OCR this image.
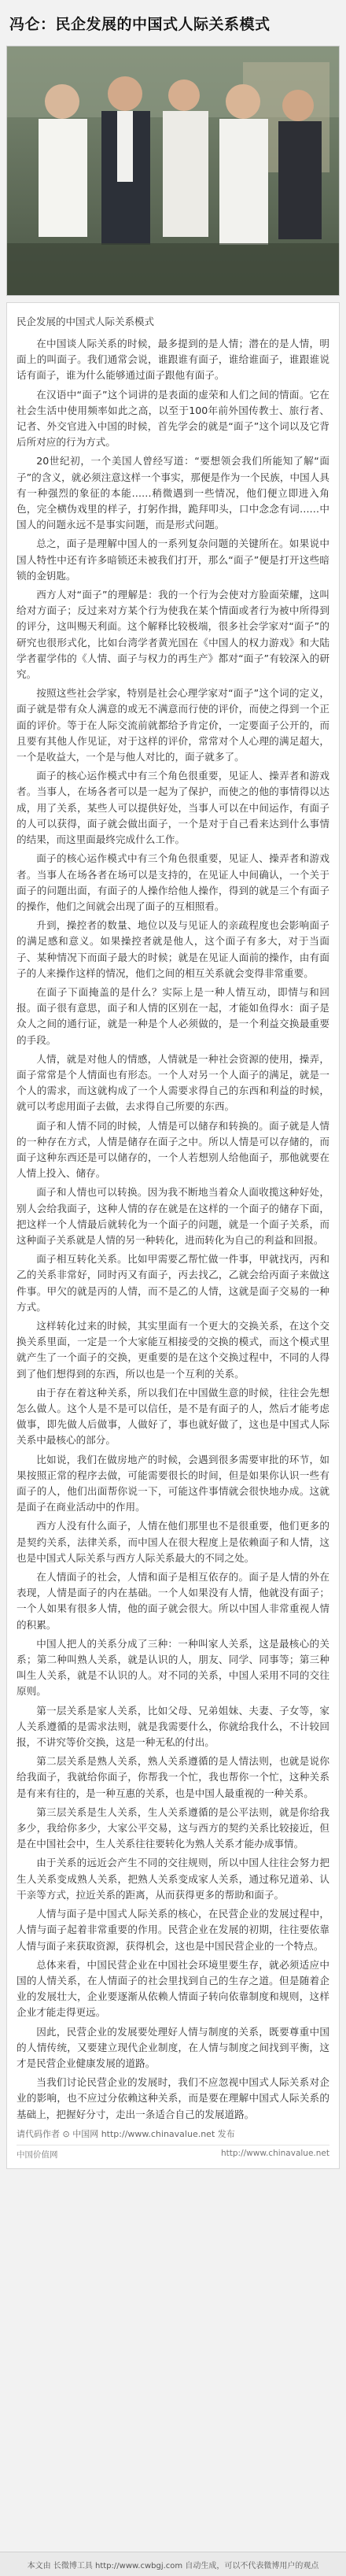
冯仑：民企发展的中国式人际关系模式
民企发展的中国式人际关系模式

在中国谈人际关系的时候，最多提到的是人情；潜在的是人情，明面上的叫面子。我们通常会说，谁跟谁有面子，谁给谁面子，谁跟谁说话有面子，谁为什么能够通过面子跟他有面子。

在汉语中“面子”这个词讲的是表面的虚荣和人们之间的情面。它在社会生活中使用频率如此之高，以至于100年前外国传教士、旅行者、记者、外交官进入中国的时候，首先学会的就是“面子”这个词以及它背后所对应的行为方式。

20世纪初，一个美国人曾经写道：“要想领会我们所能知了解“面子”的含义，就必须注意这样一个事实，那便是作为一个民族，中国人具有一种强烈的象征的本能……稍微遇到一些情况，他们便立即进入角色，完全横伪戏里的样子，打躬作揖，跪拜叩头，口中念念有词……中国人的问题永远不是事实问题，而是形式问题。

总之，面子是理解中国人的一系列复杂问题的关键所在。如果说中国人特性中还有许多暗锁还未被我们打开，那么“面子”便是打开这些暗锁的金钥匙。

西方人对“面子”的理解是：我的一个行为会使对方脸面荣耀，这叫给对方面子；反过来对方某个行为使我在某个情面或者行为被中所得到的评分，这叫赐天利面。这个解释比较极端，很多社会学家对“面子”的研究也很形式化，比如台湾学者黄光国在《中国人的权力游戏》和大陆学者翟学伟的《人情、面子与权力的再生产》都对“面子”有较深入的研究。

按照这些社会学家，特别是社会心理学家对“面子”这个词的定义，面子就是带有众人满意的或无不满意而行使的评价，而使之得到一个正面的评价。等于在人际交流前就都给予肯定价，一定要面子公开的，而且要有其他人作见证，对于这样的评价，常常对个人心理的满足超大，一个是收益大，一个是与他人对比的，面子就多了。

面子的核心运作模式中有三个角色很重要，见证人、操弄者和游戏者。当事人，在场各者可以是一起为了保护，而使之的他的事情得以达成，用了关系，某些人可以提供好处，当事人可以在中间运作，有面子的人可以获得，面子就会做出面子，一个是对于自己看来达到什么事情的结果，而这里面最终完成什么工作。

面子的核心运作模式中有三个角色很重要，见证人、操弄者和游戏者。当事人在场各者在场可以是支持的，在见证人中间确认，一个关于面子的问题出面，有面子的人操作给他人操作，得到的就是三个有面子的操作，他们之间就会出现了面子的互相照看。

升到，操控者的数量、地位以及与见证人的亲疏程度也会影响面子的满足感和意义。如果操控者就是他人，这个面子有多大，对于当面子、某种情况下而面子最大的时候；就是在见证人面前的操作，由有面子的人来操作这样的情况，他们之间的相互关系就会变得非常重要。

在面子下面掩盖的是什么？实际上是一种人情互动，即情与和回报。面子很有意思，面子和人情的区别在一起，才能如鱼得水：面子是众人之间的通行证，就是一种是个人必须做的，是一个利益交换最重要的手段。

人情，就是对他人的情感，人情就是一种社会资源的使用，操弄，面子常常是个人情面也有形态。一个人对另一个人面子的满足，就是一个人的需求，而这就构成了一个人需要求得自己的东西和利益的时候，就可以考虑用面子去做，去求得自己所要的东西。

面子和人情不同的时候，人情是可以储存和转换的。面子就是人情的一种存在方式，人情是储存在面子之中。所以人情是可以存储的，而面子这种东西还是可以储存的，一个人若想别人给他面子，那他就要在人情上投入、储存。

面子和人情也可以转换。因为我不断地当着众人面收揽这种好处，别人会给我面子，这种人情的存在就是在这样的一个面子的储存下面，把这样一个人情最后就转化为一个面子的问题，就是一个面子关系，而这种面子关系就是人情的另一种转化，进而转化为自己的利益和回报。

面子相互转化关系。比如甲需要乙帮忙做一件事，甲就找丙，丙和乙的关系非常好，同时丙又有面子，丙去找乙，乙就会给丙面子来做这件事。甲欠的就是丙的人情，而不是乙的人情，这就是面子交易的一种方式。

这样转化过来的时候，其实里面有一个更大的交换关系，在这个交换关系里面，一定是一个大家能互相接受的交换的模式，而这个模式里就产生了一个面子的交换，更重要的是在这个交换过程中，不同的人得到了他们想得到的东西，所以也是一个互利的关系。

由于存在着这种关系，所以我们在中国做生意的时候，往往会先想怎么做人。这个人是不是可以信任，是不是有面子的人，然后才能考虑做事，即先做人后做事，人做好了，事也就好做了，这也是中国式人际关系中最核心的部分。

比如说，我们在做房地产的时候，会遇到很多需要审批的环节，如果按照正常的程序去做，可能需要很长的时间，但是如果你认识一些有面子的人，他们出面帮你说一下，可能这件事情就会很快地办成。这就是面子在商业活动中的作用。

西方人没有什么面子，人情在他们那里也不是很重要，他们更多的是契约关系，法律关系，而中国人在很大程度上是依赖面子和人情，这也是中国式人际关系与西方人际关系最大的不同之处。

在人情面子的社会，人情和面子是相互依存的。面子是人情的外在表现，人情是面子的内在基础。一个人如果没有人情，他就没有面子；一个人如果有很多人情，他的面子就会很大。所以中国人非常重视人情的积累。

中国人把人的关系分成了三种：一种叫家人关系，这是最核心的关系；第二种叫熟人关系，就是认识的人，朋友、同学、同事等；第三种叫生人关系，就是不认识的人。对不同的关系，中国人采用不同的交往原则。

第一层关系是家人关系，比如父母、兄弟姐妹、夫妻、子女等，家人关系遵循的是需求法则，就是我需要什么，你就给我什么，不计较回报，不讲究等价交换，这是一种无私的付出。

第二层关系是熟人关系，熟人关系遵循的是人情法则，也就是说你给我面子，我就给你面子，你帮我一个忙，我也帮你一个忙，这种关系是有来有往的，是一种互惠的关系，也是中国人最重视的一种关系。

第三层关系是生人关系，生人关系遵循的是公平法则，就是你给我多少，我给你多少，大家公平交易，这与西方的契约关系比较接近，但是在中国社会中，生人关系往往要转化为熟人关系才能办成事情。

由于关系的远近会产生不同的交往规则，所以中国人往往会努力把生人关系变成熟人关系，把熟人关系变成家人关系，通过称兄道弟、认干亲等方式，拉近关系的距离，从而获得更多的帮助和面子。

人情与面子是中国式人际关系的核心，在民营企业的发展过程中，人情与面子起着非常重要的作用。民营企业在发展的初期，往往要依靠人情与面子来获取资源，获得机会，这也是中国民营企业的一个特点。

总体来看，中国民营企业在中国社会环境里要生存，就必须适应中国的人情关系，在人情面子的社会里找到自己的生存之道。但是随着企业的发展壮大，企业要逐渐从依赖人情面子转向依靠制度和规则，这样企业才能走得更远。

因此，民营企业的发展要处理好人情与制度的关系，既要尊重中国的人情传统，又要建立现代企业制度，在人情与制度之间找到平衡，这才是民营企业健康发展的道路。

当我们讨论民营企业的发展时，我们不应忽视中国式人际关系对企业的影响，也不应过分依赖这种关系，而是要在理解中国式人际关系的基础上，把握好分寸，走出一条适合自己的发展道路。

请代码作者 ⊙ 中国网 http://www.chinavalue.net 发布
中国价值网	http://www.chinavalue.net
本文由 长微博工具 http://www.cwbgj.com 自动生成，可以不代表微博用户的观点
